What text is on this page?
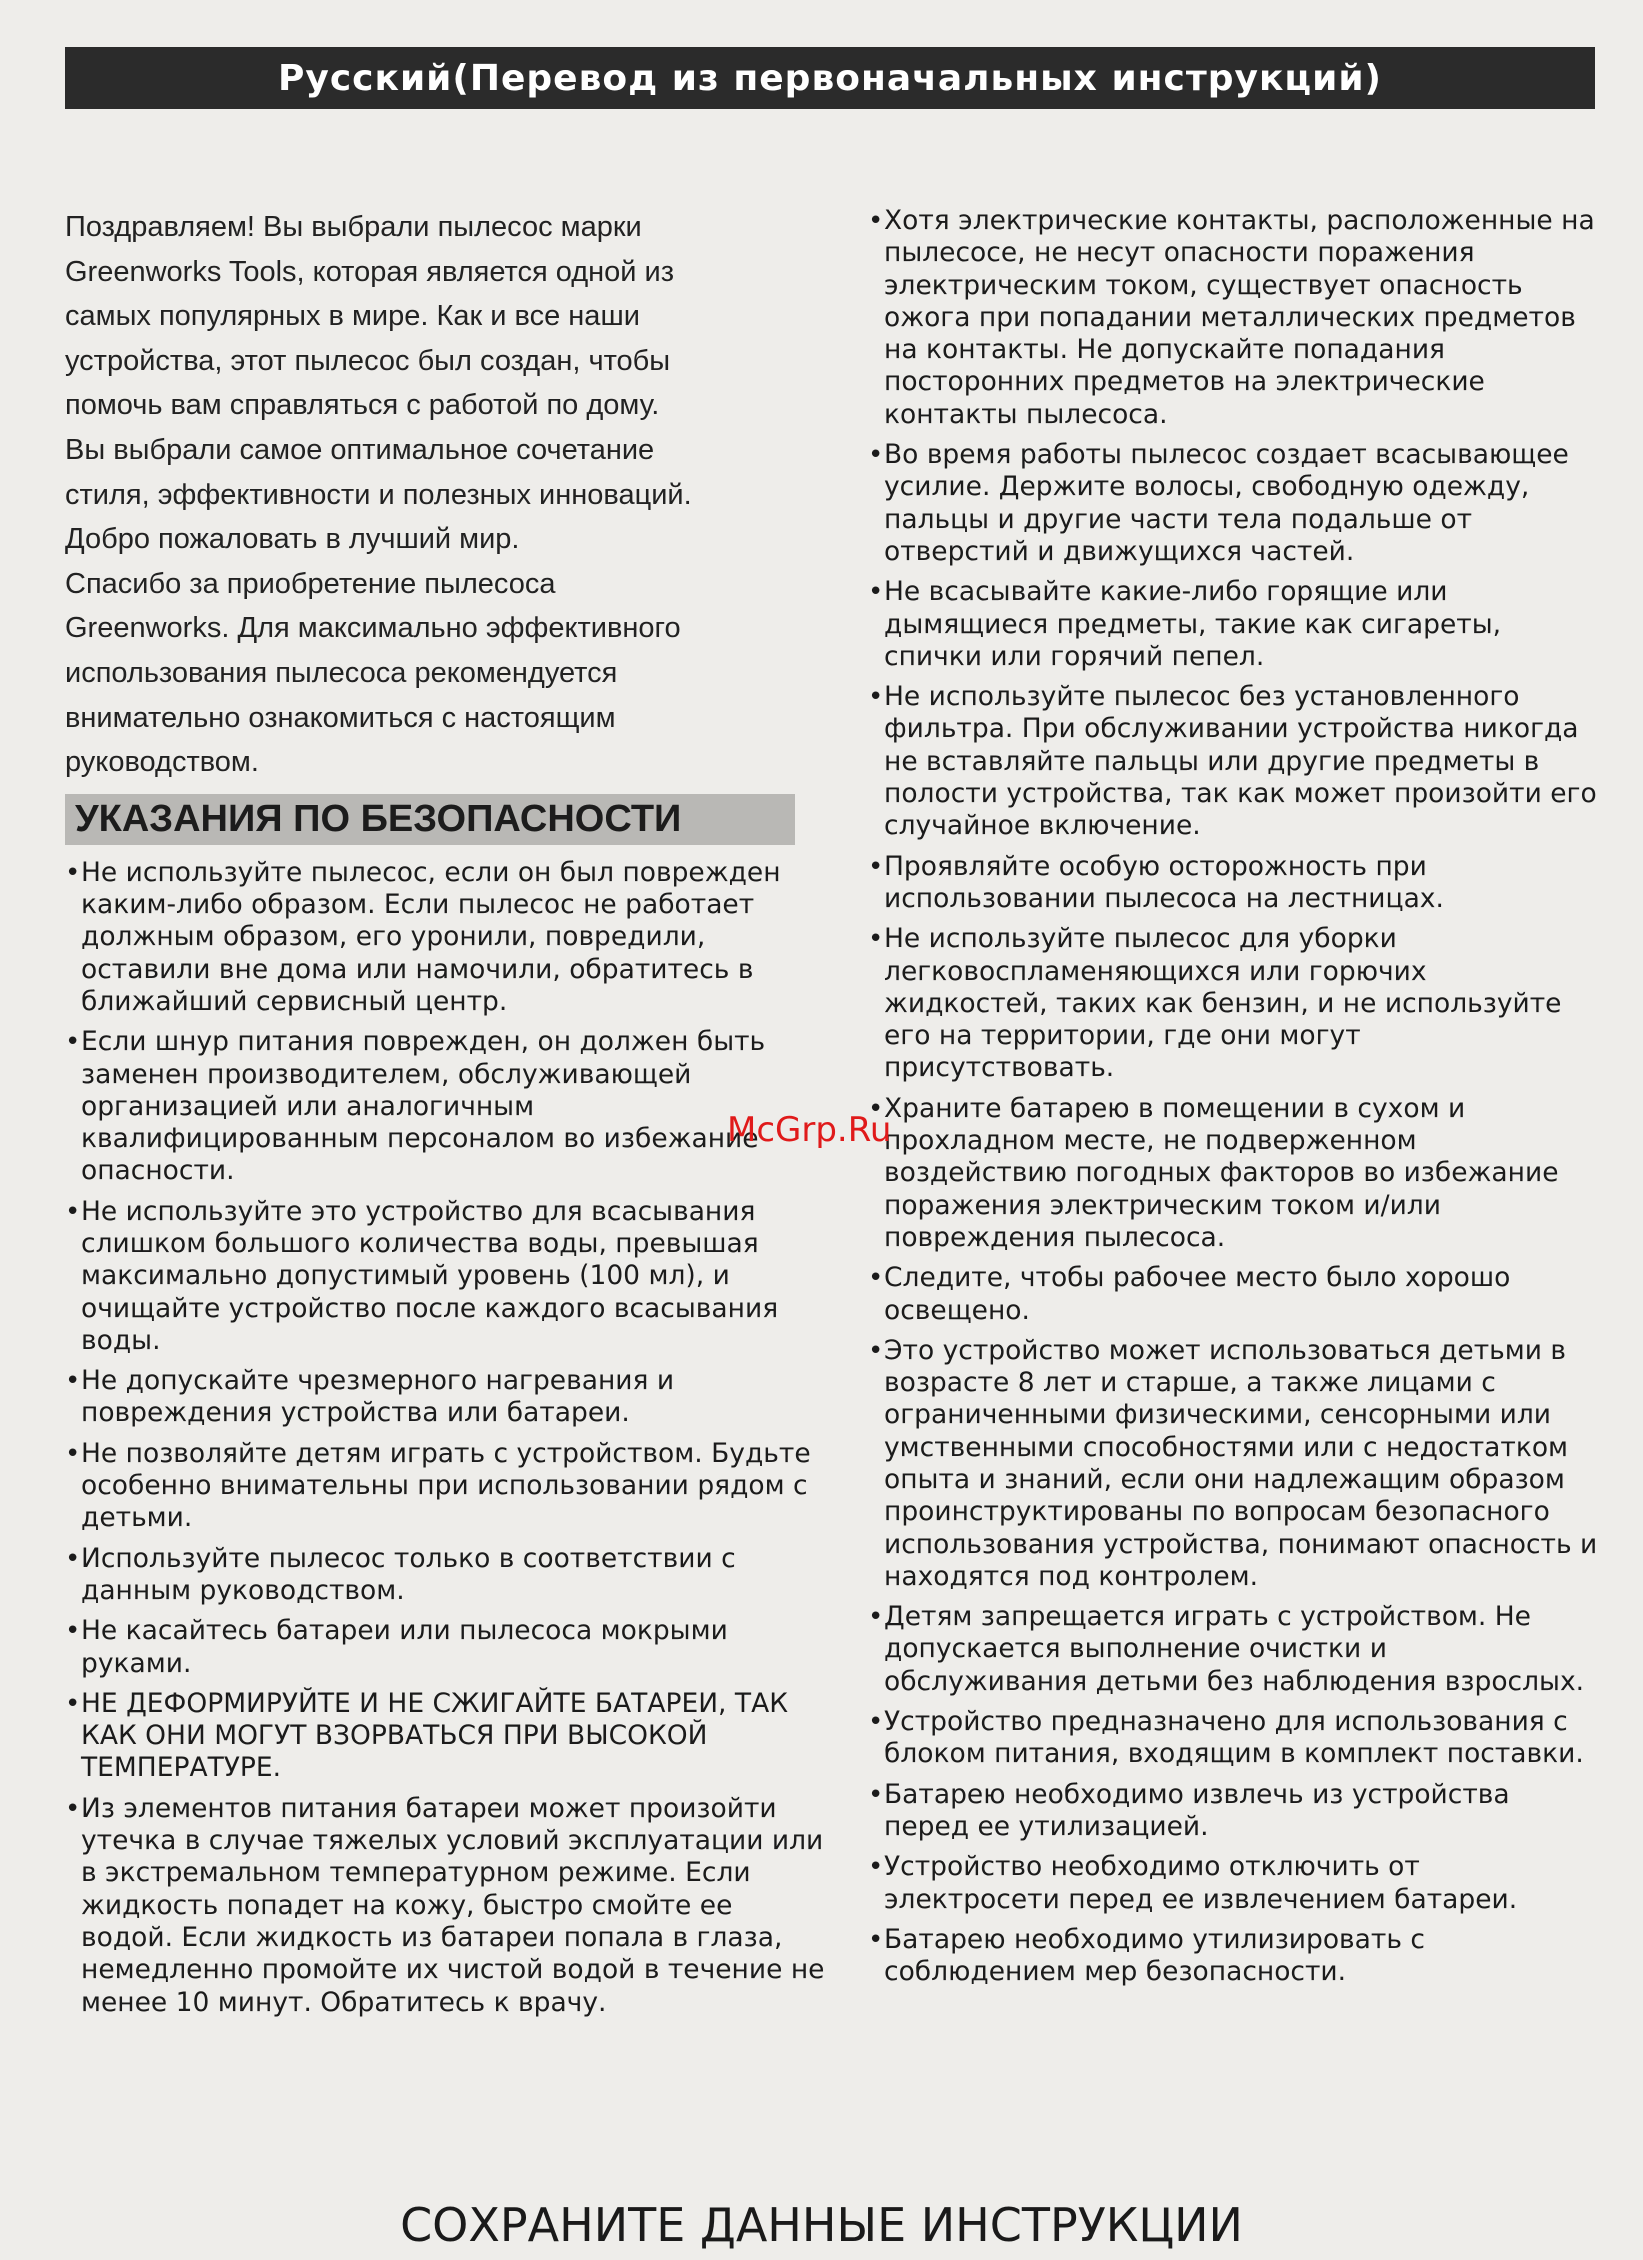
Русский(Перевод из первоначальных инструкций)

Поздравляем! Вы выбрали пылесос марки

Greenworks Tools, которая является одной из

самых популярных в мире. Как и все наши

устройства, этот пылесос был создан, чтобы

помочь вам справляться с работой по дому.

Вы выбрали самое оптимальное сочетание

стиля, эффективности и полезных инноваций.

Добро пожаловать в лучший мир.

Спасибо за приобретение пылесоса

Greenworks. Для максимально эффективного

использования пылесоса рекомендуется

внимательно ознакомиться с настоящим

руководством.

УКАЗАНИЯ ПО БЕЗОПАСНОСТИ
•
Не используйте пылесос, если он был поврежден каким-либо образом. Если пылесос не работает должным образом, его уронили, повредили, оставили вне дома или намочили, обратитесь в ближайший сервисный центр.
•
Если шнур питания поврежден, он должен быть заменен производителем, обслуживающей организацией или аналогичным квалифицированным персоналом во избежание опасности.
•
Не используйте это устройство для всасывания слишком большого количества воды, превышая максимально допустимый уровень (100 мл), и очищайте устройство после каждого всасывания воды.
•
Не допускайте чрезмерного нагревания и повреждения устройства или батареи.
•
Не позволяйте детям играть с устройством. Будьте особенно внимательны при использовании рядом с детьми.
•
Используйте пылесос только в соответствии с данным руководством.
•
Не касайтесь батареи или пылесоса мокрыми руками.
•
НЕ ДЕФОРМИРУЙТЕ И НЕ СЖИГАЙТЕ БАТАРЕИ, ТАК КАК ОНИ МОГУТ ВЗОРВАТЬСЯ ПРИ ВЫСОКОЙ ТЕМПЕРАТУРЕ.
•
Из элементов питания батареи может произойти утечка в случае тяжелых условий эксплуатации или в экстремальном температурном режиме. Если жидкость попадет на кожу, быстро смойте ее водой. Если жидкость из батареи попала в глаза, немедленно промойте их чистой водой в течение не менее 10 минут. Обратитесь к врачу.
•
Хотя электрические контакты, расположенные на пылесосе, не несут опасности поражения электрическим током, существует опасность ожога при попадании металлических предметов на контакты. Не допускайте попадания посторонних предметов на электрические контакты пылесоса.
•
Во время работы пылесос создает всасывающее усилие. Держите волосы, свободную одежду, пальцы и другие части тела подальше от отверстий и движущихся частей.
•
Не всасывайте какие-либо горящие или дымящиеся предметы, такие как сигареты, спички или горячий пепел.
•
Не используйте пылесос без установленного фильтра. При обслуживании устройства никогда не вставляйте пальцы или другие предметы в полости устройства, так как может произойти его случайное включение.
•
Проявляйте особую осторожность при использовании пылесоса на лестницах.
•
Не используйте пылесос для уборки легковоспламеняющихся или горючих жидкостей, таких как бензин, и не используйте его на территории, где они могут присутствовать.
•
Храните батарею в помещении в сухом и прохладном месте, не подверженном воздействию погодных факторов во избежание поражения электрическим током и/или повреждения пылесоса.
•
Следите, чтобы рабочее место было хорошо освещено.
•
Это устройство может использоваться детьми в возрасте 8 лет и старше, а также лицами с ограниченными физическими, сенсорными или умственными способностями или с недостатком опыта и знаний, если они надлежащим образом проинструктированы по вопросам безопасного использования устройства, понимают опасность и находятся под контролем.
•
Детям запрещается играть с устройством. Не допускается выполнение очистки и обслуживания детьми без наблюдения взрослых.
•
Устройство предназначено для использования с блоком питания, входящим в комплект поставки.
•
Батарею необходимо извлечь из устройства перед ее утилизацией.
•
Устройство необходимо отключить от электросети перед ее извлечением батареи.
•
Батарею необходимо утилизировать с соблюдением мер безопасности.
McGrp.Ru
СОХРАНИТЕ ДАННЫЕ ИНСТРУКЦИИ
